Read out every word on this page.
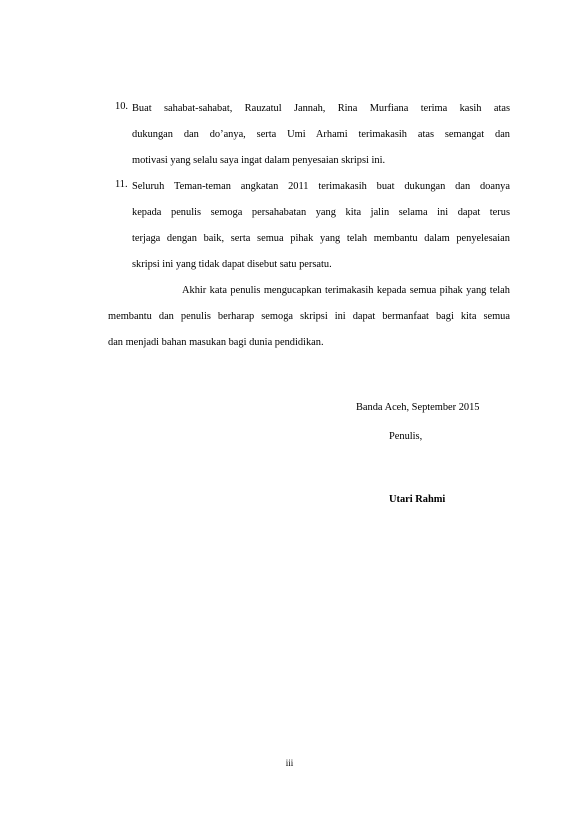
10. Buat sahabat-sahabat, Rauzatul Jannah, Rina Murfiana terima kasih atas
dukungan dan do’anya, serta Umi Arhami terimakasih atas semangat dan
motivasi yang selalu saya ingat dalam penyesaian skripsi ini.
11. Seluruh Teman-teman angkatan 2011 terimakasih buat dukungan dan doanya
kepada penulis semoga persahabatan yang kita jalin selama ini dapat terus
terjaga dengan baik, serta semua pihak yang telah membantu dalam penyelesaian
skripsi ini yang tidak dapat disebut satu persatu.
Akhir kata penulis mengucapkan terimakasih kepada semua pihak yang telah
membantu dan penulis berharap semoga skripsi ini dapat bermanfaat bagi kita semua
dan menjadi bahan masukan bagi dunia pendidikan.
Banda Aceh, September 2015
Penulis,
Utari Rahmi
iii
